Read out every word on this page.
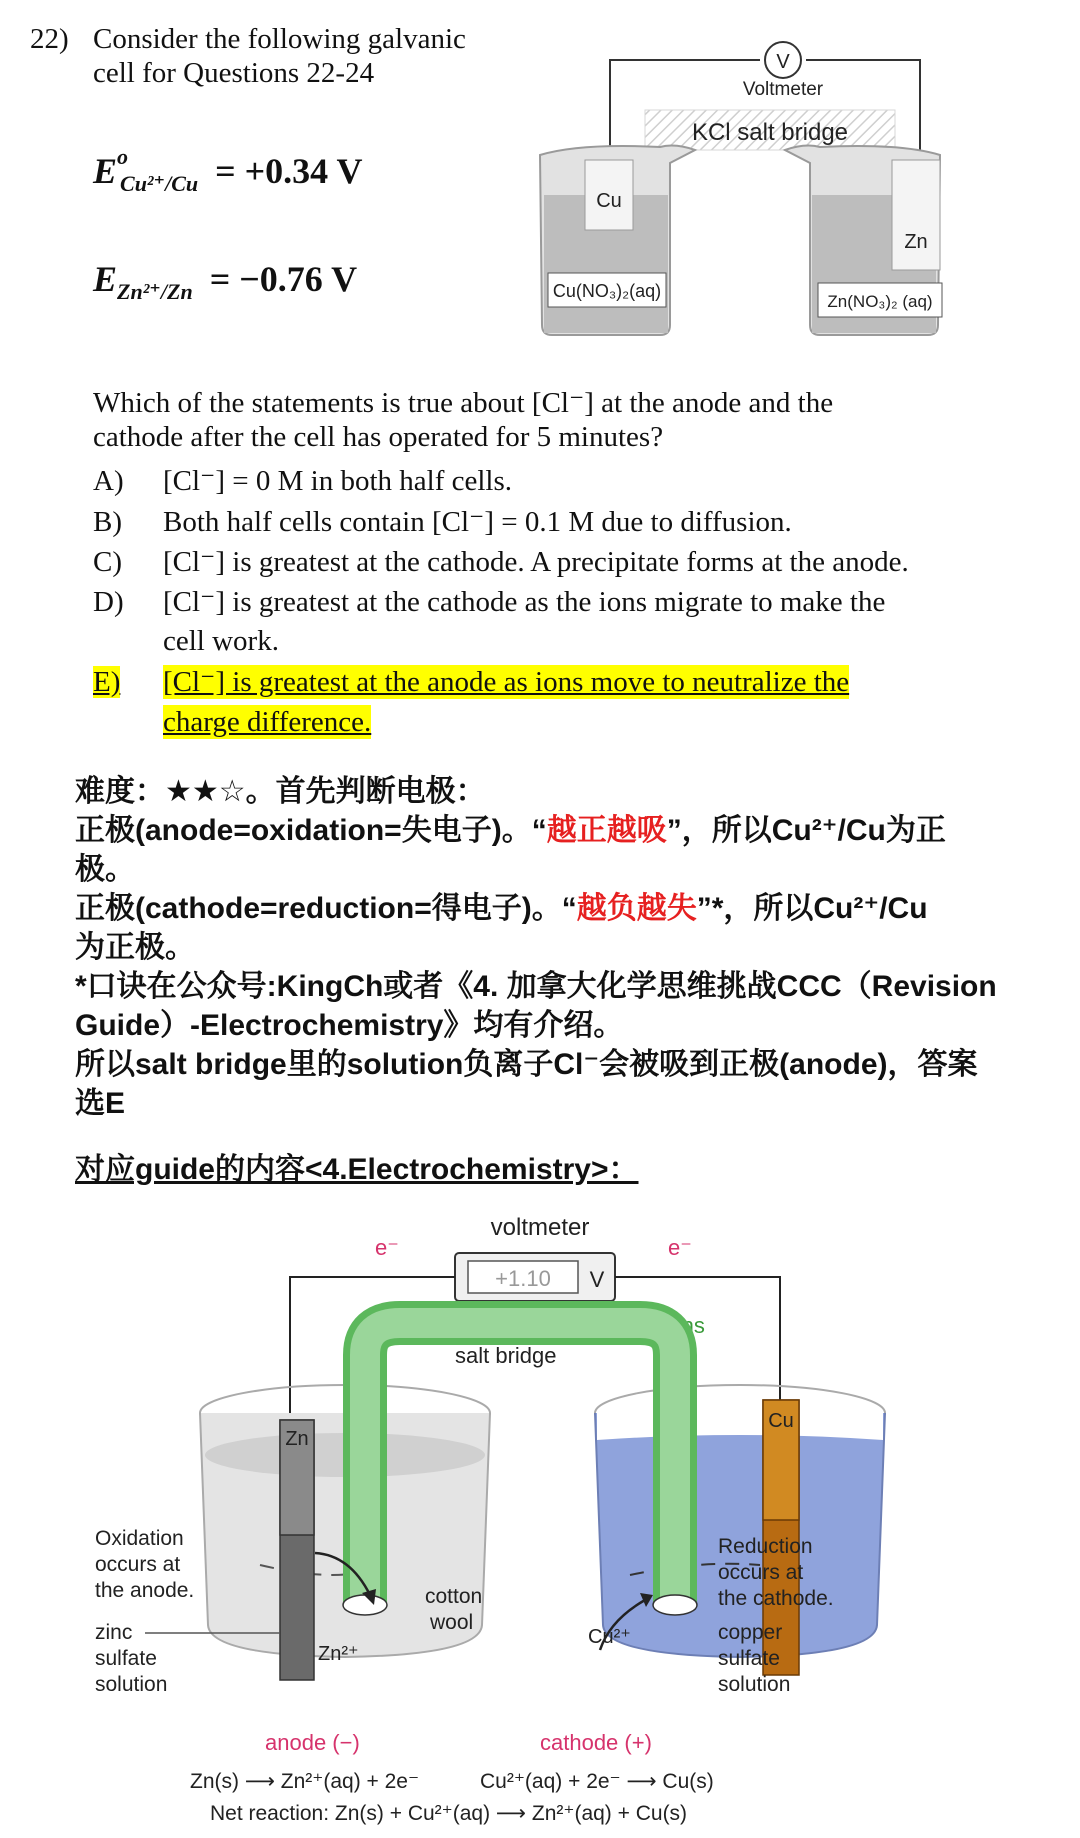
22) Consider the following galvanic
cell for Questions 22-24
$E^o_{Cu^{2+}/Cu} = +0.34$ V
$E_{Zn^{2+}/Zn} = -0.76$ V
V
Voltmeter
KCl salt bridge
Cu
Cu(NO₃)₂(aq)
Zn
Zn(NO₃)₂ (aq)
Which of the statements is true about [Cl⁻] at the anode and the
cathode after the cell has operated for 5 minutes?
A) [Cl⁻] = 0 M in both half cells.
B) Both half cells contain [Cl⁻] = 0.1 M due to diffusion.
C) [Cl⁻] is greatest at the cathode. A precipitate forms at the anode.
D) [Cl⁻] is greatest at the cathode as the ions migrate to make the
cell work.
E) [Cl⁻] is greatest at the anode as ions move to neutralize the
charge difference.
难度：★★☆。首先判断电极：
正极(anode=oxidation=失电子)。“越正越吸”，所以Cu²⁺/Cu为正
极。
正极(cathode=reduction=得电子)。“越负越失”*，所以Cu²⁺/Cu
为正极。
*口诀在公众号:KingCh或者《4. 加拿大化学思维挑战CCC（Revision
Guide）-Electrochemistry》均有介绍。
所以salt bridge里的solution负离子Cl⁻会被吸到正极(anode)，答案
选E
对应guide的内容<4.Electrochemistry>：
voltmeter
+1.10 V
e⁻	e⁻
anions
salt bridge
Zn
Cu
Zn²⁺
Cu²⁺
cotton
wool
Oxidation
occurs at
the anode.
zinc
sulfate
solution
Reduction
occurs at
the cathode.
copper
sulfate
solution
anode (−)	cathode (+)
Zn(s) ⟶ Zn²⁺(aq) + 2e⁻	Cu²⁺(aq) + 2e⁻ ⟶ Cu(s)
Net reaction: Zn(s) + Cu²⁺(aq) ⟶ Zn²⁺(aq) + Cu(s)
